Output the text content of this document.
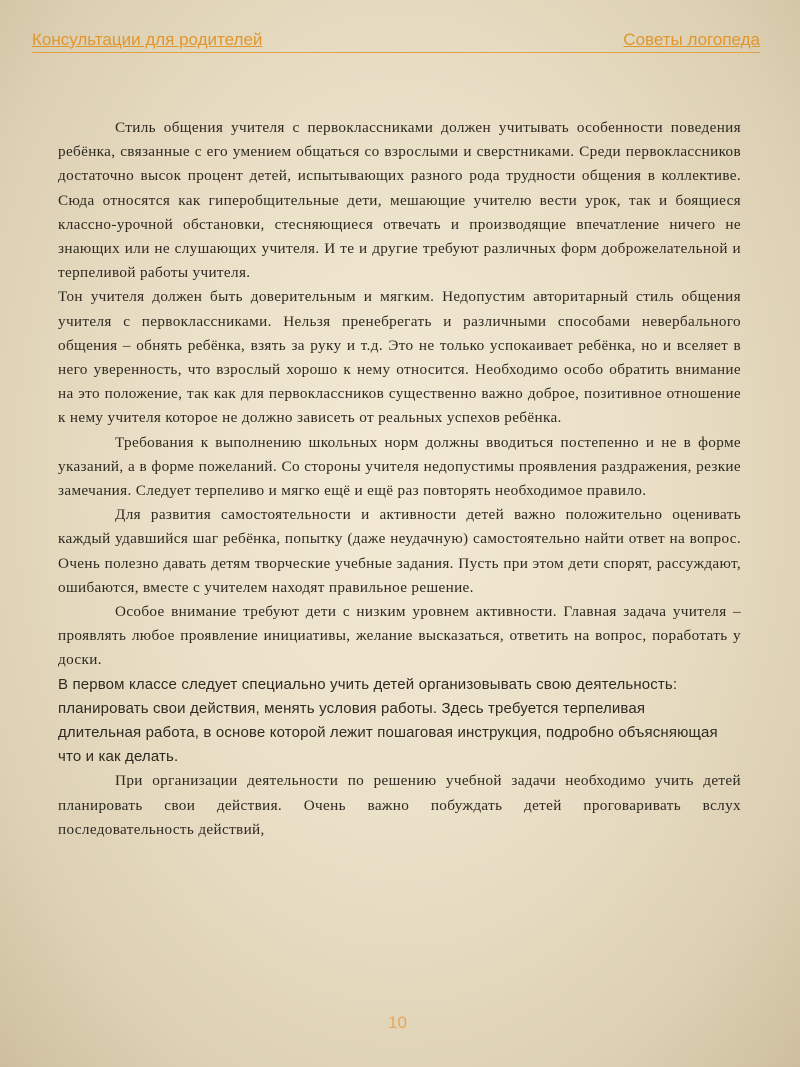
Консультации для родителей	Советы логопеда

Стиль общения учителя с первоклассниками должен учитывать особенности поведения ребёнка, связанные с его умением общаться со взрослыми и сверстниками. Среди первоклассников достаточно высок процент детей, испытывающих разного рода трудности общения в коллективе. Сюда относятся как гиперобщительные дети, мешающие учителю вести урок, так и боящиеся классно-урочной обстановки, стесняющиеся отвечать и производящие впечатление ничего не знающих или не слушающих учителя. И те и другие требуют различных форм доброжелательной и терпеливой работы учителя.

Тон учителя должен быть доверительным и мягким. Недопустим авторитарный стиль общения учителя с первоклассниками. Нельзя пренебрегать и различными способами невербального общения – обнять ребёнка, взять за руку и т.д. Это не только успокаивает ребёнка, но и вселяет в него уверенность, что взрослый хорошо к нему относится. Необходимо особо обратить внимание на это положение, так как для первоклассников существенно важно доброе, позитивное отношение к нему учителя которое не должно зависеть от реальных успехов ребёнка.

Требования к выполнению школьных норм должны вводиться постепенно и не в форме указаний, а в форме пожеланий. Со стороны учителя недопустимы проявления раздражения, резкие замечания. Следует терпеливо и мягко ещё и ещё раз повторять необходимое правило.

Для развития самостоятельности и активности детей важно положительно оценивать каждый удавшийся шаг ребёнка, попытку (даже неудачную) самостоятельно найти ответ на вопрос. Очень полезно давать детям творческие учебные задания. Пусть при этом дети спорят, рассуждают, ошибаются, вместе с учителем находят правильное решение.

Особое внимание требуют дети с низким уровнем активности. Главная задача учителя – проявлять любое проявление инициативы, желание высказаться, ответить на вопрос, поработать у доски.

В первом классе следует специально учить детей организовывать свою деятельность: планировать свои действия, менять условия работы. Здесь требуется терпеливая длительная работа, в основе которой лежит пошаговая инструкция, подробно объясняющая что и как делать.

При организации деятельности по решению учебной задачи необходимо учить детей планировать свои действия. Очень важно побуждать детей проговаривать вслух последовательность действий,

10
